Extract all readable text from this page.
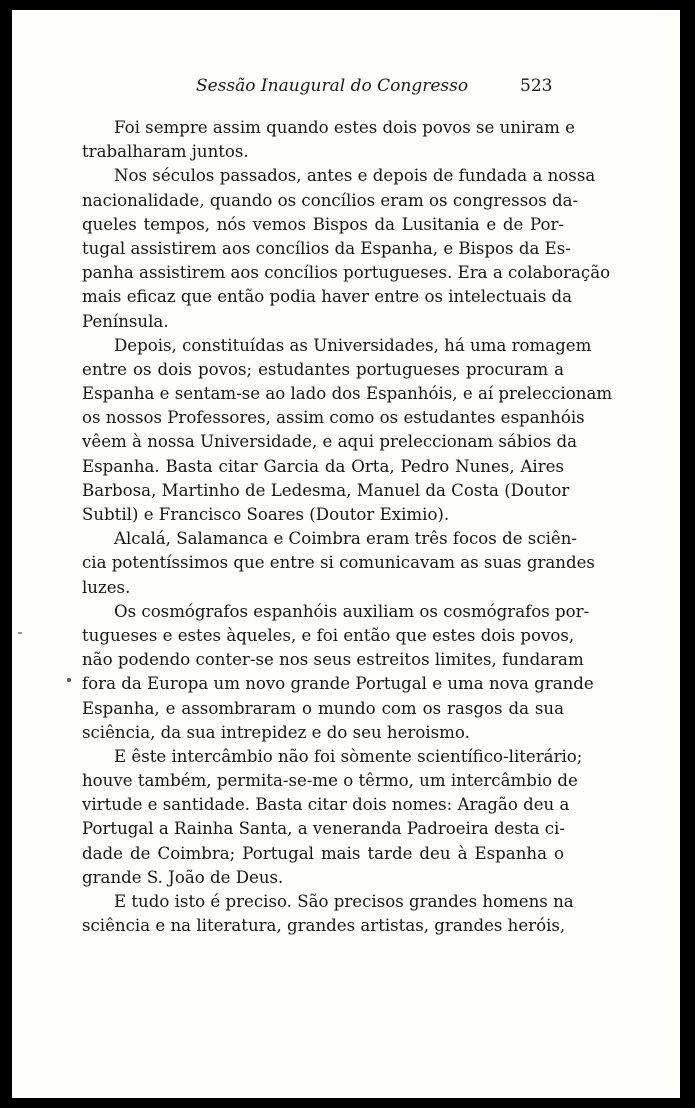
Sessão Inaugural do Congresso	523

Foi sempre assim quando estes dois povos se uniram e
trabalharam juntos.

Nos séculos passados, antes e depois de fundada a nossa
nacionalidade, quando os concílios eram os congressos da-
queles tempos, nós vemos Bispos da Lusitania e de Por-
tugal assistirem aos concílios da Espanha, e Bispos da Es-
panha assistirem aos concílios portugueses. Era a colaboração
mais eficaz que então podia haver entre os intelectuais da
Península.

Depois, constituídas as Universidades, há uma romagem
entre os dois povos; estudantes portugueses procuram a
Espanha e sentam-se ao lado dos Espanhóis, e aí preleccionam
os nossos Professores, assim como os estudantes espanhóis
vêem à nossa Universidade, e aqui preleccionam sábios da
Espanha. Basta citar Garcia da Orta, Pedro Nunes, Aires
Barbosa, Martinho de Ledesma, Manuel da Costa (Doutor
Subtil) e Francisco Soares (Doutor Eximio).

Alcalá, Salamanca e Coimbra eram três focos de sciên-
cia potentíssimos que entre si comunicavam as suas grandes
luzes.

Os cosmógrafos espanhóis auxiliam os cosmógrafos por-
tugueses e estes àqueles, e foi então que estes dois povos,
não podendo conter-se nos seus estreitos limites, fundaram
fora da Europa um novo grande Portugal e uma nova grande
Espanha, e assombraram o mundo com os rasgos da sua
sciência, da sua intrepidez e do seu heroismo.

E êste intercâmbio não foi sòmente scientífico-literário;
houve também, permita-se-me o têrmo, um intercâmbio de
virtude e santidade. Basta citar dois nomes: Aragão deu a
Portugal a Rainha Santa, a veneranda Padroeira desta ci-
dade de Coimbra; Portugal mais tarde deu à Espanha o
grande S. João de Deus.

E tudo isto é preciso. São precisos grandes homens na
sciência e na literatura, grandes artistas, grandes heróis,
